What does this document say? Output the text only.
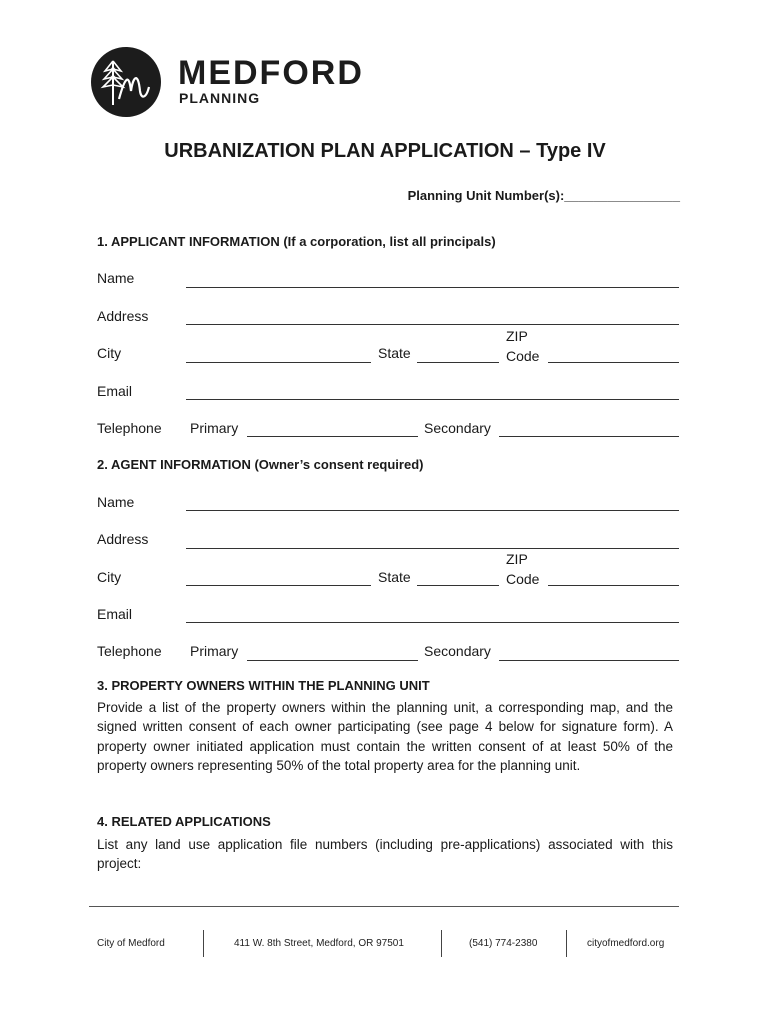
MEDFORD
PLANNING
URBANIZATION PLAN APPLICATION – Type IV
Planning Unit Number(s):________________
1. APPLICANT INFORMATION (If a corporation, list all principals)
Name
Address
City	State
ZIP
Code
Email
Telephone Primary	Secondary
2. AGENT INFORMATION (Owner’s consent required)
Name
Address
City	State
ZIP
Code
Email
Telephone Primary	Secondary
3. PROPERTY OWNERS WITHIN THE PLANNING UNIT
Provide a list of the property owners within the planning unit, a corresponding map, and the signed written consent of each owner participating (see page 4 below for signature form). A property owner initiated application must contain the written consent of at least 50% of the property owners representing 50% of the total property area for the planning unit.
4. RELATED APPLICATIONS
List any land use application file numbers (including pre-applications) associated with this project:
City of Medford	411 W. 8th Street, Medford, OR 97501	(541) 774-2380	cityofmedford.org
